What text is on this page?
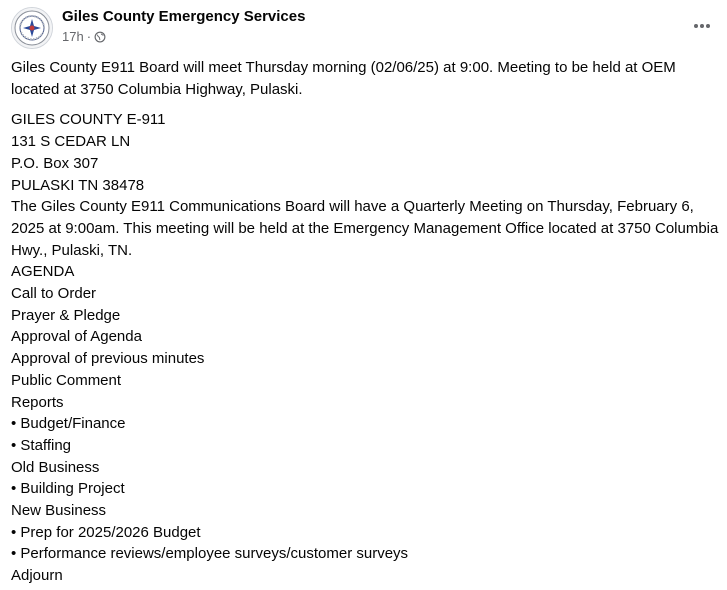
Giles County Emergency Services
17h ·

Giles County E911 Board will meet Thursday morning (02/06/25) at 9:00. Meeting to be held at OEM located at 3750 Columbia Highway, Pulaski.

GILES COUNTY E-911
131 S CEDAR LN
P.O. Box 307
PULASKI TN 38478
The Giles County E911 Communications Board will have a Quarterly Meeting on Thursday, February 6, 2025 at 9:00am. This meeting will be held at the Emergency Management Office located at 3750 Columbia Hwy., Pulaski, TN.
AGENDA
Call to Order
Prayer & Pledge
Approval of Agenda
Approval of previous minutes
Public Comment
Reports
• Budget/Finance
• Staffing
Old Business
• Building Project
New Business
• Prep for 2025/2026 Budget
• Performance reviews/employee surveys/customer surveys
Adjourn
